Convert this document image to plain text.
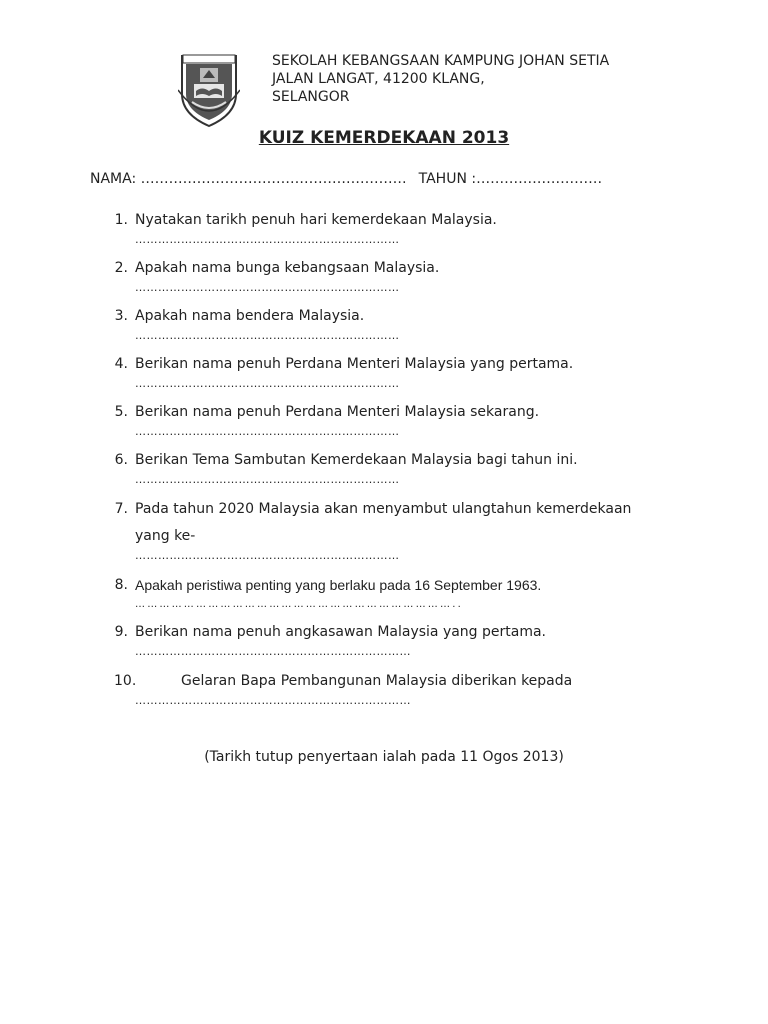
SEKOLAH KEBANGSAAN KAMPUNG JOHAN SETIA
JALAN LANGAT, 41200 KLANG,
SELANGOR
KUIZ KEMERDEKAAN 2013
NAMA: ………………………………………………… TAHUN :………………………
1. Nyatakan tarikh penuh hari kemerdekaan Malaysia.
……………………………………………………………
2. Apakah nama bunga kebangsaan Malaysia.
……………………………………………………………
3. Apakah nama bendera Malaysia.
……………………………………………………………
4. Berikan nama penuh Perdana Menteri Malaysia yang pertama.
……………………………………………………………
5. Berikan nama penuh Perdana Menteri Malaysia sekarang.
……………………………………………………………
6. Berikan Tema Sambutan Kemerdekaan Malaysia bagi tahun ini.
……………………………………………………………
7. Pada tahun 2020 Malaysia akan menyambut ulangtahun kemerdekaan
yang ke-
……………………………………………………………
8. Apakah peristiwa penting yang berlaku pada 16 September 1963.
……………………………………………………………………..
9. Berikan nama penuh angkasawan Malaysia yang pertama.
………………………………………………………………
10.	Gelaran Bapa Pembangunan Malaysia diberikan kepada
………………………………………………………………
(Tarikh tutup penyertaan ialah pada 11 Ogos 2013)
